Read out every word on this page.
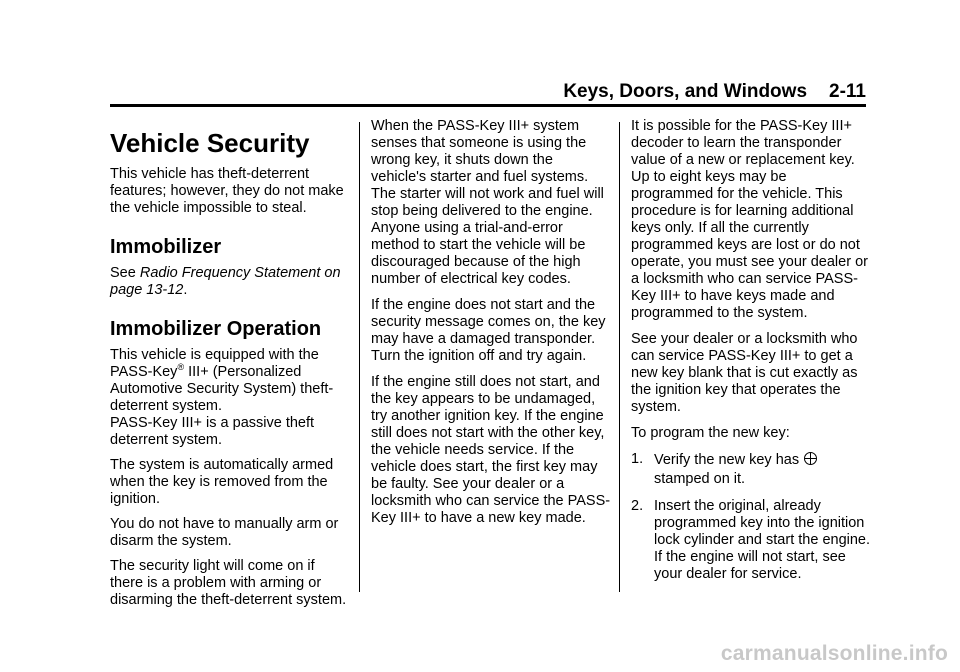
Keys, Doors, and Windows 2-11
Vehicle Security

This vehicle has theft-deterrent features; however, they do not make the vehicle impossible to steal.

Immobilizer

See Radio Frequency Statement on page 13-12.

Immobilizer Operation

This vehicle is equipped with the PASS-Key® III+ (Personalized Automotive Security System) theft-deterrent system.

PASS-Key III+ is a passive theft deterrent system.

The system is automatically armed when the key is removed from the ignition.

You do not have to manually arm or disarm the system.

The security light will come on if there is a problem with arming or disarming the theft-deterrent system.

When the PASS-Key III+ system senses that someone is using the wrong key, it shuts down the vehicle's starter and fuel systems. The starter will not work and fuel will stop being delivered to the engine. Anyone using a trial-and-error method to start the vehicle will be discouraged because of the high number of electrical key codes.

If the engine does not start and the security message comes on, the key may have a damaged transponder. Turn the ignition off and try again.

If the engine still does not start, and the key appears to be undamaged, try another ignition key. If the engine still does not start with the other key, the vehicle needs service. If the vehicle does start, the first key may be faulty. See your dealer or a locksmith who can service the PASS-Key III+ to have a new key made.

It is possible for the PASS-Key III+ decoder to learn the transponder value of a new or replacement key. Up to eight keys may be programmed for the vehicle. This procedure is for learning additional keys only. If all the currently programmed keys are lost or do not operate, you must see your dealer or a locksmith who can service PASS-Key III+ to have keys made and programmed to the system.

See your dealer or a locksmith who can service PASS-Key III+ to get a new key blank that is cut exactly as the ignition key that operates the system.

To program the new key:

1. Verify the new key has
stamped on it.
2. Insert the original, already programmed key into the ignition lock cylinder and start the engine. If the engine will not start, see your dealer for service.
carmanualsonline.info
